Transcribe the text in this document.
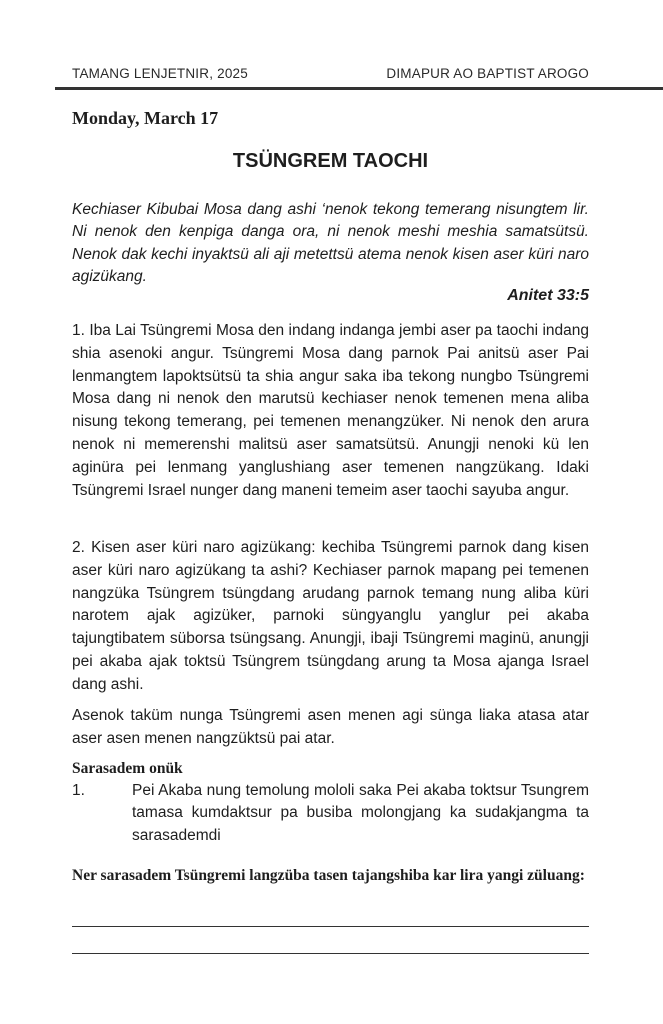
TAMANG LENJETNIR, 2025	DIMAPUR AO BAPTIST AROGO
Monday, March 17
TSÜNGREM TAOCHI
Kechiaser Kibubai Mosa dang ashi ‘nenok tekong temerang nisungtem lir. Ni nenok den kenpiga danga ora, ni nenok meshi meshia samatsütsü. Nenok dak kechi inyaktsü ali aji metettsü atema nenok kisen aser küri naro agizükang.
Anitet 33:5
1. Iba Lai Tsüngremi Mosa den indang indanga jembi aser pa taochi indang shia asenoki angur. Tsüngremi Mosa dang parnok Pai anitsü aser Pai lenmangtem lapoktsütsü ta shia angur saka iba tekong nungbo Tsüngremi Mosa dang ni nenok den marutsü kechiaser nenok temenen mena aliba nisung tekong temerang, pei temenen menangzüker. Ni nenok den arura nenok ni memerenshi malitsü aser samatsütsü. Anungji nenoki kü len aginüra pei lenmang yanglushiang aser temenen nangzükang. Idaki Tsüngremi Israel nunger dang maneni temeim aser taochi sayuba angur.
2. Kisen aser küri naro agizükang: kechiba Tsüngremi parnok dang kisen aser küri naro agizükang ta ashi? Kechiaser parnok mapang pei temenen nangzüka Tsüngrem tsüngdang arudang parnok temang nung aliba küri narotem ajak agizüker, parnoki süngyanglu yanglur pei akaba tajungtibatem süborsa tsüngsang. Anungji, ibaji Tsüngremi maginü, anungji pei akaba ajak toktsü Tsüngrem tsüngdang arung ta Mosa ajanga Israel dang ashi.
Asenok taküm nunga Tsüngremi asen menen agi sünga liaka atasa atar aser asen menen nangzüktsü pai atar.
Sarasadem onük
1.	Pei Akaba nung temolung mololi saka Pei akaba toktsur Tsungrem tamasa kumdaktsur pa busiba molongjang ka sudakjangma ta sarasademdi
Ner sarasadem Tsüngremi langzüba tasen tajangshiba kar lira yangi züluang:
